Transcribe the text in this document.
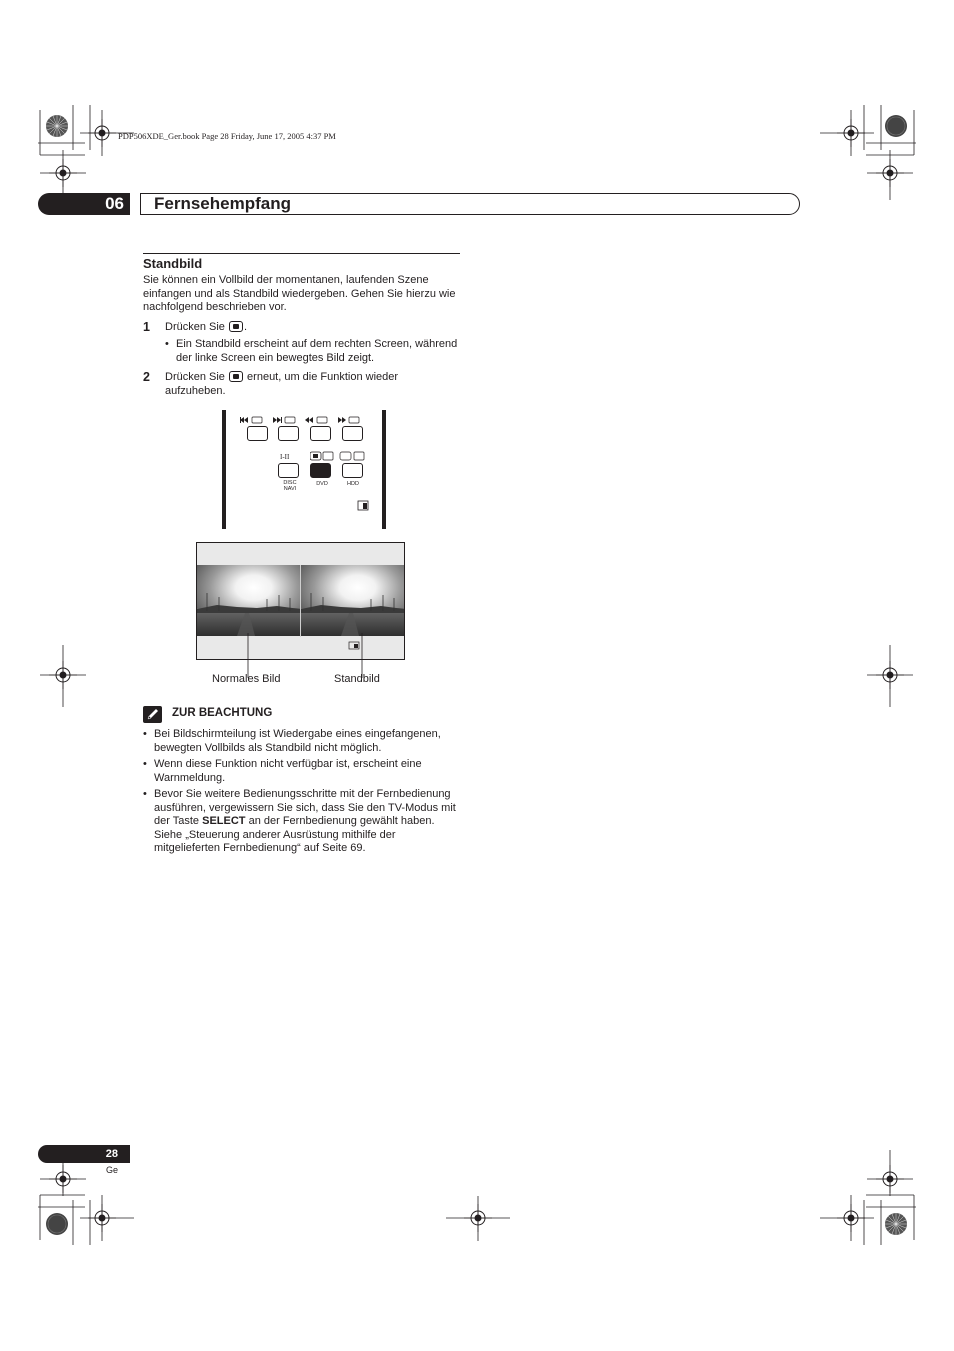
PDP506XDE_Ger.book Page 28 Friday, June 17, 2005 4:37 PM
06	Fernsehempfang
Standbild
Sie können ein Vollbild der momentanen, laufenden Szene einfangen und als Standbild wiedergeben. Gehen Sie hierzu wie nachfolgend beschrieben vor.
1 Drücken Sie .
• Ein Standbild erscheint auf dem rechten Screen, während der linke Screen ein bewegtes Bild zeigt.
2 Drücken Sie erneut, um die Funktion wieder aufzuheben.
I-II
DISC
NAVI
DVD	HDD
Normales Bild	Standbild
ZUR BEACHTUNG
• Bei Bildschirmteilung ist Wiedergabe eines eingefangenen, bewegten Vollbilds als Standbild nicht möglich.
• Wenn diese Funktion nicht verfügbar ist, erscheint eine Warnmeldung.
• Bevor Sie weitere Bedienungsschritte mit der Fernbedienung ausführen, vergewissern Sie sich, dass Sie den TV-Modus mit der Taste SELECT an der Fernbedienung gewählt haben. Siehe „Steuerung anderer Ausrüstung mithilfe der mitgelieferten Fernbedienung“ auf Seite 69.
28
Ge
